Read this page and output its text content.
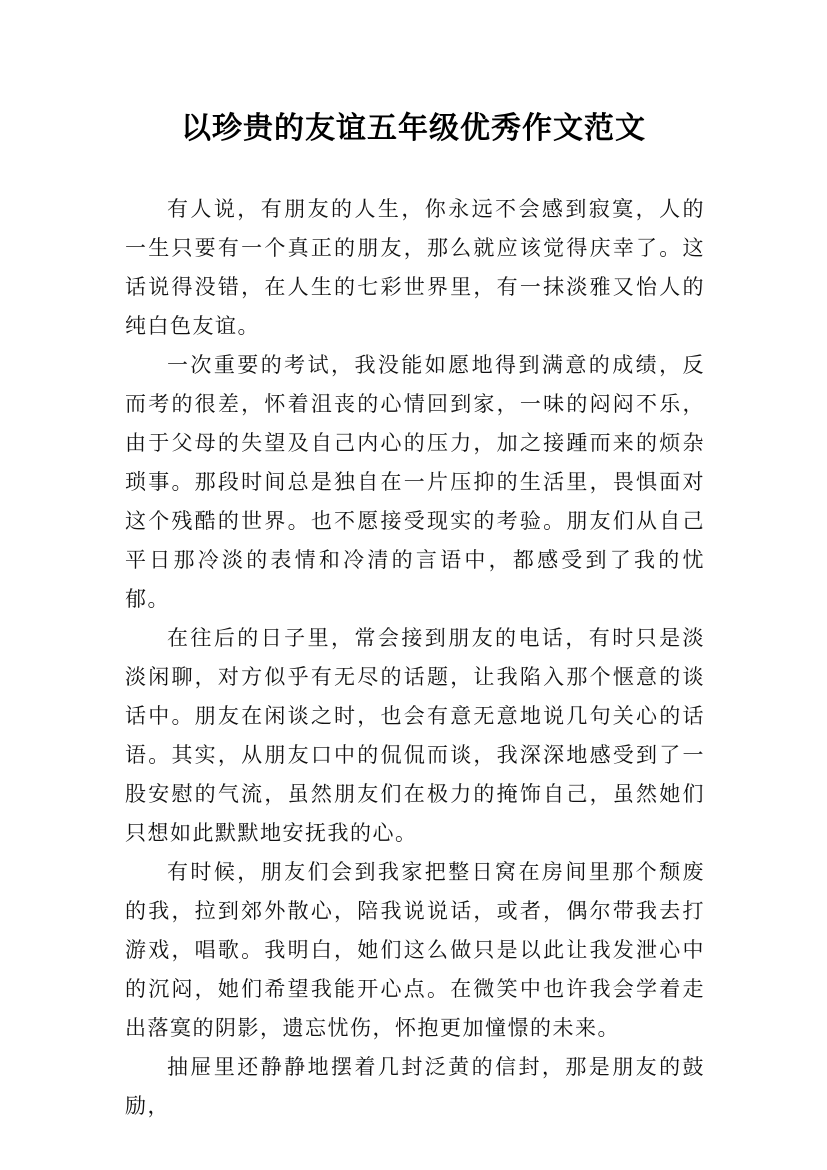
以珍贵的友谊五年级优秀作文范文

有人说，有朋友的人生，你永远不会感到寂寞，人的一生只要有一个真正的朋友，那么就应该觉得庆幸了。这话说得没错，在人生的七彩世界里，有一抹淡雅又怡人的纯白色友谊。

一次重要的考试，我没能如愿地得到满意的成绩，反而考的很差，怀着沮丧的心情回到家，一味的闷闷不乐，由于父母的失望及自己内心的压力，加之接踵而来的烦杂琐事。那段时间总是独自在一片压抑的生活里，畏惧面对这个残酷的世界。也不愿接受现实的考验。朋友们从自己平日那冷淡的表情和冷清的言语中，都感受到了我的忧郁。

在往后的日子里，常会接到朋友的电话，有时只是淡淡闲聊，对方似乎有无尽的话题，让我陷入那个惬意的谈话中。朋友在闲谈之时，也会有意无意地说几句关心的话语。其实，从朋友口中的侃侃而谈，我深深地感受到了一股安慰的气流，虽然朋友们在极力的掩饰自己，虽然她们只想如此默默地安抚我的心。

有时候，朋友们会到我家把整日窝在房间里那个颓废的我，拉到郊外散心，陪我说说话，或者，偶尔带我去打游戏，唱歌。我明白，她们这么做只是以此让我发泄心中的沉闷，她们希望我能开心点。在微笑中也许我会学着走出落寞的阴影，遗忘忧伤，怀抱更加憧憬的未来。

抽屉里还静静地摆着几封泛黄的信封，那是朋友的鼓励，
